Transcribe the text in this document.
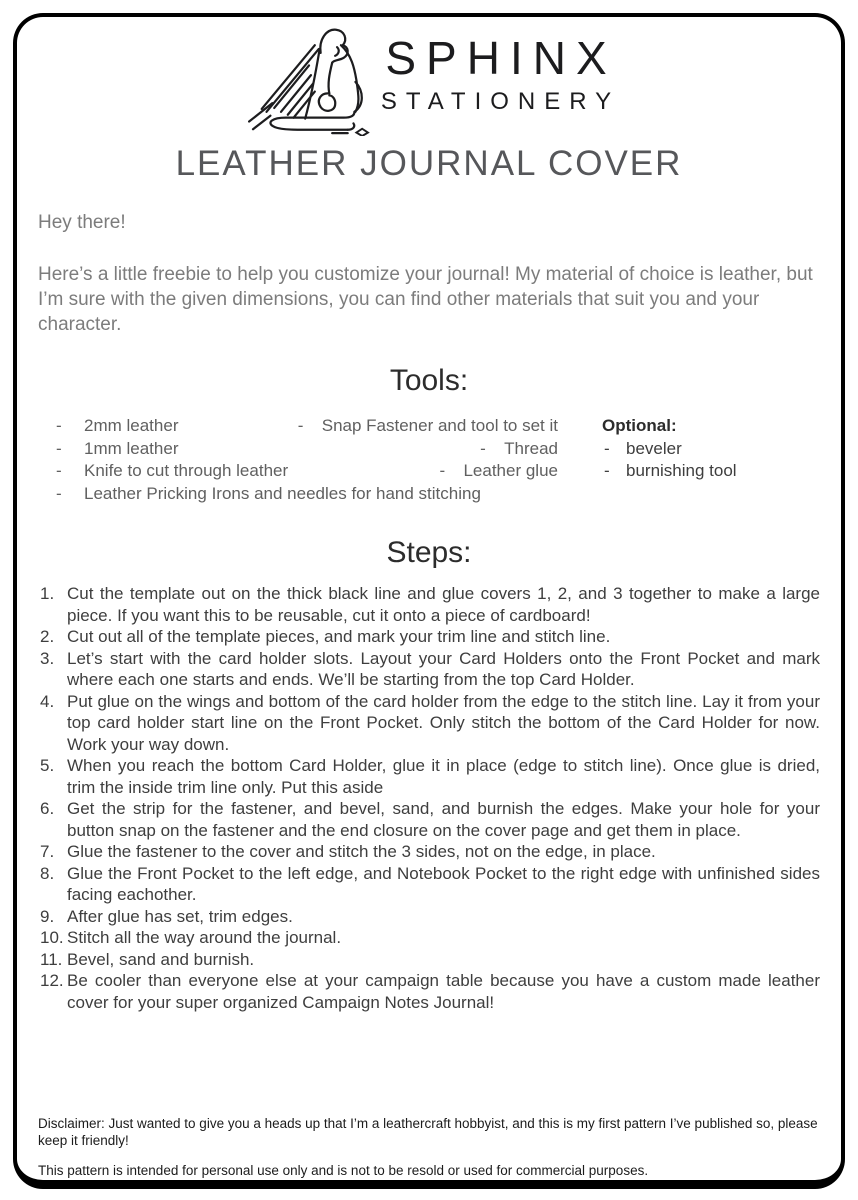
SPHINX
STATIONERY
LEATHER JOURNAL COVER

Hey there!

Here’s a little freebie to help you customize your journal! My material of choice is leather, but I’m sure with the given dimensions, you can find other materials that suit you and your character.

Tools:
-	2mm leather	-	Snap Fastener and tool to set it
-	1mm leather	-	Thread
-	Knife to cut through leather	-	Leather glue
-	Leather Pricking Irons and needles for hand stitching
Optional:
- beveler
- burnishing tool
Steps:
1. Cut the template out on the thick black line and glue covers 1, 2, and 3 together to make a large piece. If you want this to be reusable, cut it onto a piece of cardboard!
2. Cut out all of the template pieces, and mark your trim line and stitch line.
3. Let’s start with the card holder slots. Layout your Card Holders onto the Front Pocket and mark where each one starts and ends. We’ll be starting from the top Card Holder.
4. Put glue on the wings and bottom of the card holder from the edge to the stitch line. Lay it from your top card holder start line on the Front Pocket. Only stitch the bottom of the Card Holder for now. Work your way down.
5. When you reach the bottom Card Holder, glue it in place (edge to stitch line). Once glue is dried, trim the inside trim line only. Put this aside
6. Get the strip for the fastener, and bevel, sand, and burnish the edges. Make your hole for your button snap on the fastener and the end closure on the cover page and get them in place.
7. Glue the fastener to the cover and stitch the 3 sides, not on the edge, in place.
8. Glue the Front Pocket to the left edge, and Notebook Pocket to the right edge with unfinished sides facing eachother.
9. After glue has set, trim edges.
10. Stitch all the way around the journal.
11. Bevel, sand and burnish.
12. Be cooler than everyone else at your campaign table because you have a custom made leather cover for your super organized Campaign Notes Journal!

Disclaimer: Just wanted to give you a heads up that I’m a leathercraft hobbyist, and this is my first pattern I’ve published so, please keep it friendly!

This pattern is intended for personal use only and is not to be resold or used for commercial purposes.
